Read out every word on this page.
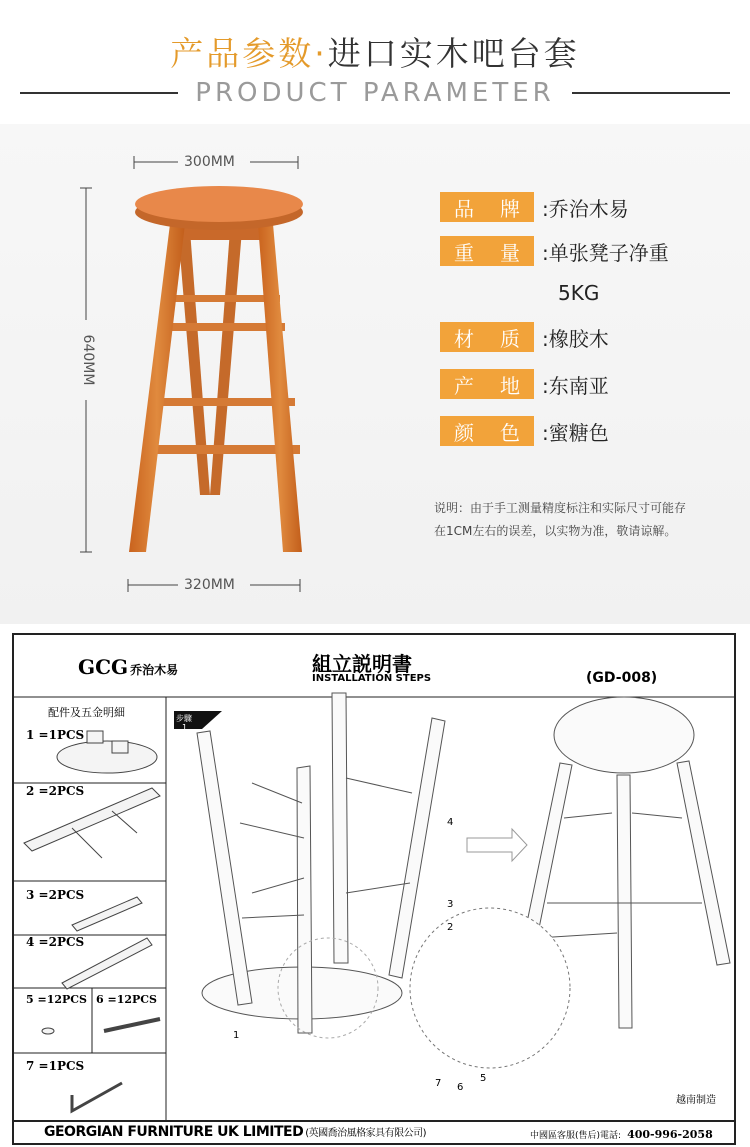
产品参数·进口实木吧台套
PRODUCT PARAMETER
300MM
640MM
320MM
品 牌 :乔治木易
重 量 :单张凳子净重
5KG
材 质 :橡胶木
产 地 :东南亚
颜 色 :蜜糖色
说明：由于手工测量精度标注和实际尺寸可能存
在1CM左右的误差，以实物为准，敬请谅解。
GCG 乔治木易	組立説明書
INSTALLATION STEPS	(GD-008)
配件及五金明細	步驟
1
1 =1PCS
2 =2PCS
3 =2PCS
4 =2PCS
5 =12PCS 6 =12PCS
7 =1PCS
1
2
3
4
5
6
7
越南制造
GEORGIAN FURNITURE UK LIMITED (英國喬治風格家具有限公司)	中國區客服(售后)電話: 400-996-2058
